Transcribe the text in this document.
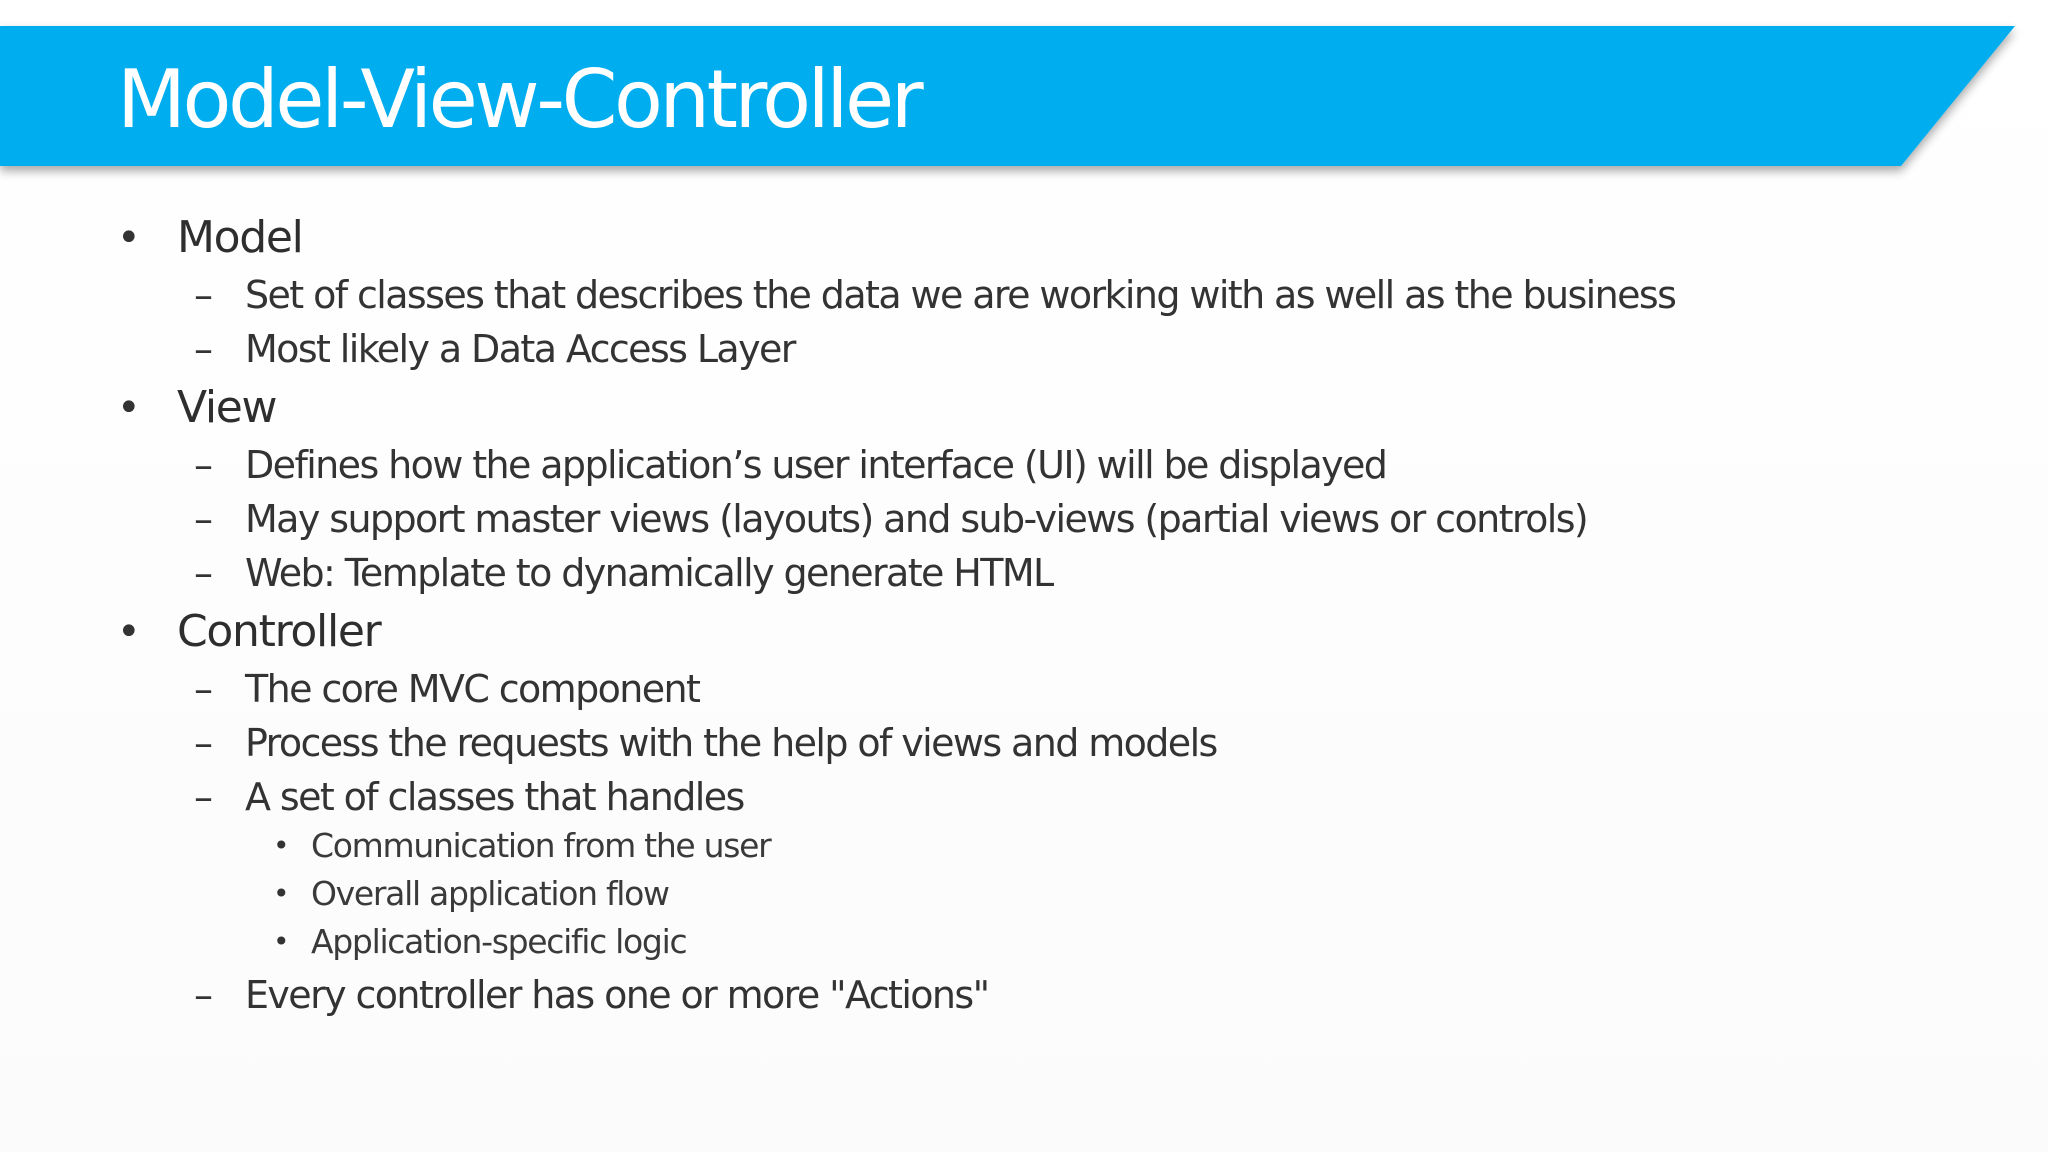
Model-View-Controller
• Model
– Set of classes that describes the data we are working with as well as the business
– Most likely a Data Access Layer
• View
– Defines how the application’s user interface (UI) will be displayed
– May support master views (layouts) and sub-views (partial views or controls)
– Web: Template to dynamically generate HTML
• Controller
– The core MVC component
– Process the requests with the help of views and models
– A set of classes that handles
• Communication from the user
• Overall application flow
• Application-specific logic
– Every controller has one or more "Actions"
